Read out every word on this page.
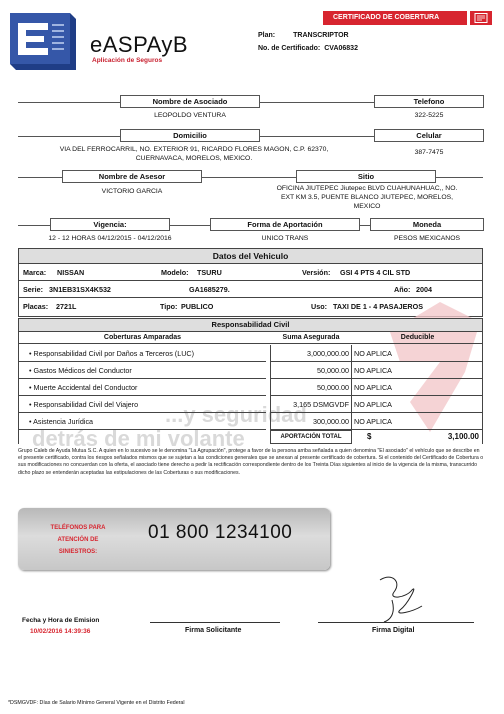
eASPAyB
Aplicación de Seguros
CERTIFICADO DE COBERTURA
Plan:	TRANSCRIPTOR
No. de Certificado: CVA06832
Nombre de Asociado
LEOPOLDO VENTURA
Telefono
322-5225
Domicilio
VIA DEL FERROCARRIL, NO. EXTERIOR 91, RICARDO FLORES MAGON, C.P. 62370,
CUERNAVACA, MORELOS, MEXICO.
Celular
387-7475
Nombre de Asesor
VICTORIO GARCIA
Sitio
OFICINA JIUTEPEC Jiutepec BLVD CUAHUNAHUAC,, NO.
EXT KM 3.5, PUENTE BLANCO JIUTEPEC, MORELOS,
MEXICO
Vigencia:
12 - 12 HORAS 04/12/2015 - 04/12/2016
Forma de Aportación
UNICO TRANS
Moneda
PESOS MEXICANOS
Datos del Vehiculo
Marca: NISSAN	Modelo: TSURU	Versión: GSI 4 PTS 4 CIL STD
Serie: 3N1EB31SX4K532	GA1685279.	Año: 2004
Placas: 2721L	Tipo: PUBLICO	Uso: TAXI DE 1 - 4 PASAJEROS
...y seguridad
detrás de mi volante
Responsabilidad Civil
Coberturas Amparadas	Suma Asegurada	Deducible
• Responsabilidad Civil por Daños a Terceros (LUC)	3,000,000.00 NO APLICA
• Gastos Médicos del Conductor	50,000.00 NO APLICA
• Muerte Accidental del Conductor	50,000.00 NO APLICA
• Responsabilidad Civil del Viajero	3,165 DSMGVDF NO APLICA
• Asistencia Jurídica	300,000.00 NO APLICA
APORTACIÓN TOTAL	$	3,100.00
Grupo Caleb de Ayuda Mutua S.C. A quien en lo sucesivo se le denomina "La Agrupación", protege a favor de la persona arriba señalada a quien denomina "El asociado" el vehículo que se describe en el presente certificado, contra los riesgos señalados mismos que se sujetan a las condiciones generales que se anexan al presente certificado de cobertura. Si el contenido del Certificado de Cobertura o sus modificaciones no concuerdan con la oferta, el asociado tiene derecho a pedir la rectificación correspondiente dentro de los Treinta Días siguientes al inicio de la vigencia de la misma, transcurrido dicho plazo se entenderán aceptadas las estipulaciones de las Coberturas o sus modificaciones.
TELÉFONOS PARA
ATENCIÓN DE SINIESTROS:
01 800 1234100
Fecha y Hora de Emision
10/02/2016 14:39:36	Firma Solicitante	Firma Digital
*DSMGVDF: Días de Salario Mínimo General Vigente en el Distrito Federal
